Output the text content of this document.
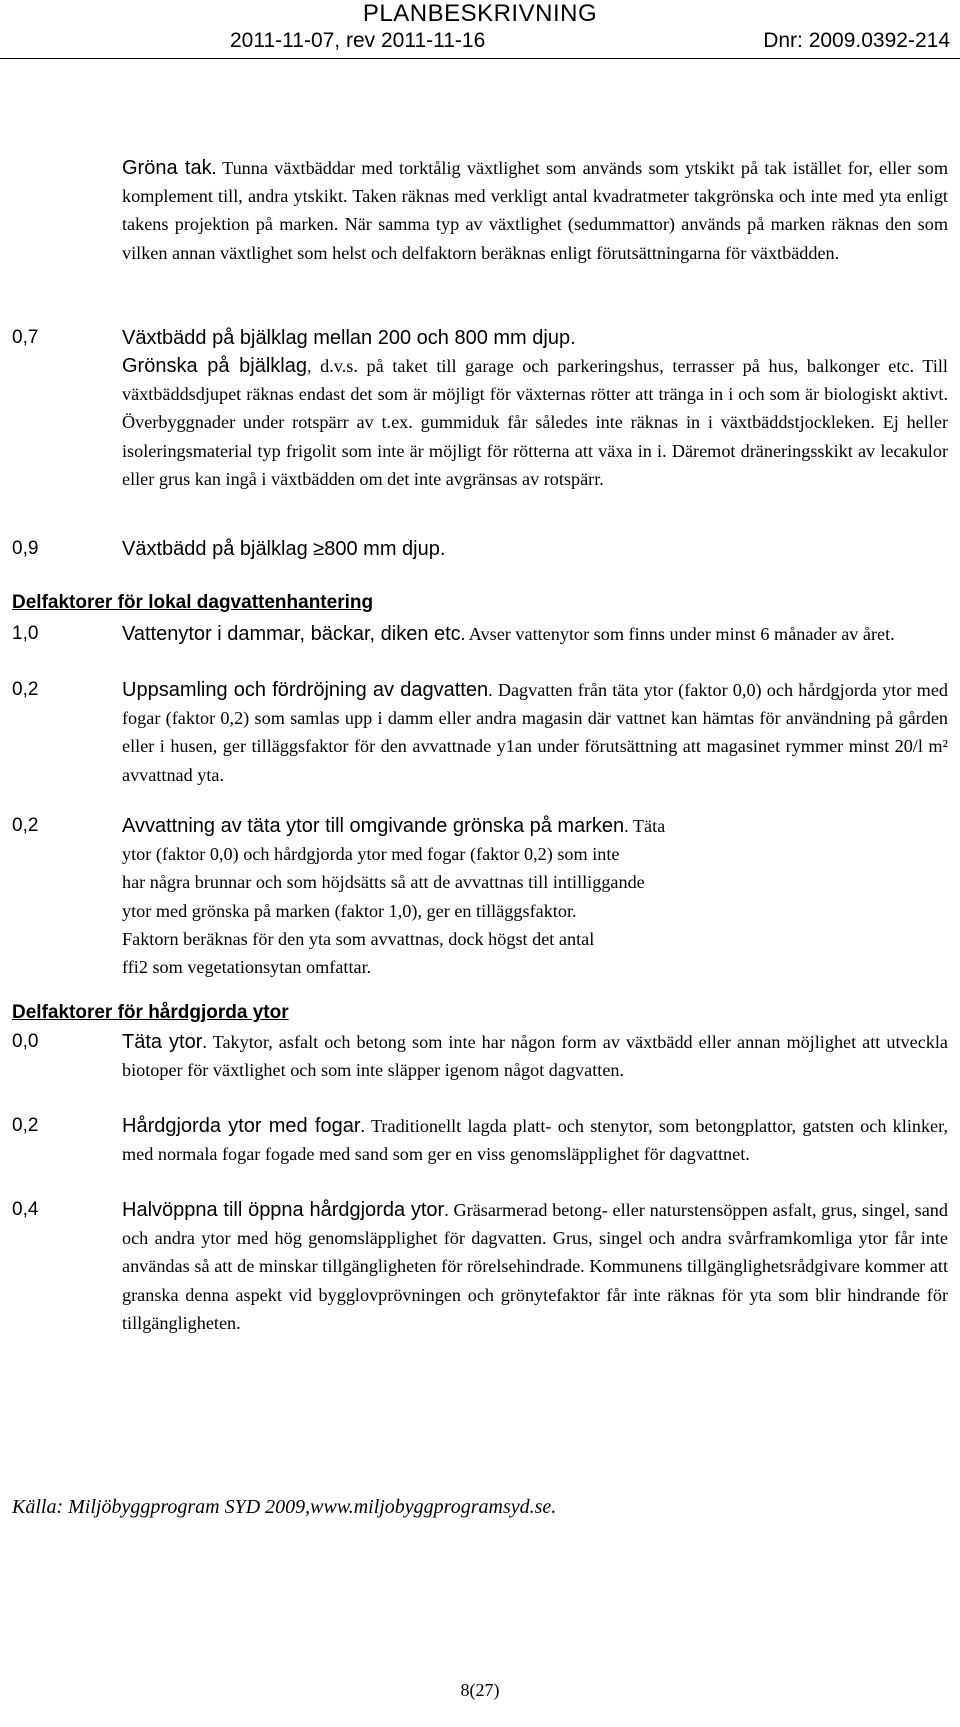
PLANBESKRIVNING
2011-11-07, rev 2011-11-16	Dnr: 2009.0392-214
Gröna tak. Tunna växtbäddar med torktålig växtlighet som används som ytskikt på tak istället for, eller som komplement till, andra ytskikt. Taken räknas med verkligt antal kvadratmeter takgrönska och inte med yta enligt takens projektion på marken. När samma typ av växtlighet (sedummattor) används på marken räknas den som vilken annan växtlighet som helst och delfaktorn beräknas enligt förutsättningarna för växtbädden.
0,7	Växtbädd på bjälklag mellan 200 och 800 mm djup.
Grönska på bjälklag, d.v.s. på taket till garage och parkeringshus, terrasser på hus, balkonger etc. Till växtbäddsdjupet räknas endast det som är möjligt för växternas rötter att tränga in i och som är biologiskt aktivt. Överbyggnader under rotspärr av t.ex. gummiduk får således inte räknas in i växtbäddstjockleken. Ej heller isoleringsmaterial typ frigolit som inte är möjligt för rötterna att växa in i. Däremot dräneringsskikt av lecakulor eller grus kan ingå i växtbädden om det inte avgränsas av rotspärr.
0,9	Växtbädd på bjälklag ≥800 mm djup.
Delfaktorer för lokal dagvattenhantering
1,0	Vattenytor i dammar, bäckar, diken etc. Avser vattenytor som finns under minst 6 månader av året.
0,2	Uppsamling och fördröjning av dagvatten. Dagvatten från täta ytor (faktor 0,0) och hårdgjorda ytor med fogar (faktor 0,2) som samlas upp i damm eller andra magasin där vattnet kan hämtas för användning på gården eller i husen, ger tilläggsfaktor för den avvattnade y1an under förutsättning att magasinet rymmer minst 20/l m² avvattnad yta.
0,2	Avvattning av täta ytor till omgivande grönska på marken. Täta
ytor (faktor 0,0) och hårdgjorda ytor med fogar (faktor 0,2) som inte
har några brunnar och som höjdsätts så att de avvattnas till intilliggande
ytor med grönska på marken (faktor 1,0), ger en tilläggsfaktor.
Faktorn beräknas för den yta som avvattnas, dock högst det antal
ffi2 som vegetationsytan omfattar.
Delfaktorer för hårdgjorda ytor
0,0	Täta ytor. Takytor, asfalt och betong som inte har någon form av växtbädd eller annan möjlighet att utveckla biotoper för växtlighet och som inte släpper igenom något dagvatten.
0,2	Hårdgjorda ytor med fogar. Traditionellt lagda platt- och stenytor, som betongplattor, gatsten och klinker, med normala fogar fogade med sand som ger en viss genomsläpplighet för dagvattnet.
0,4	Halvöppna till öppna hårdgjorda ytor. Gräsarmerad betong- eller naturstensöppen asfalt, grus, singel, sand och andra ytor med hög genomsläpplighet för dagvatten. Grus, singel och andra svårframkomliga ytor får inte användas så att de minskar tillgängligheten för rörelsehindrade. Kommunens tillgänglighetsrådgivare kommer att granska denna aspekt vid bygglovprövningen och grönytefaktor får inte räknas för yta som blir hindrande för tillgängligheten.
Källa: Miljöbyggprogram SYD 2009,www.miljobyggprogramsyd.se.
8(27)
